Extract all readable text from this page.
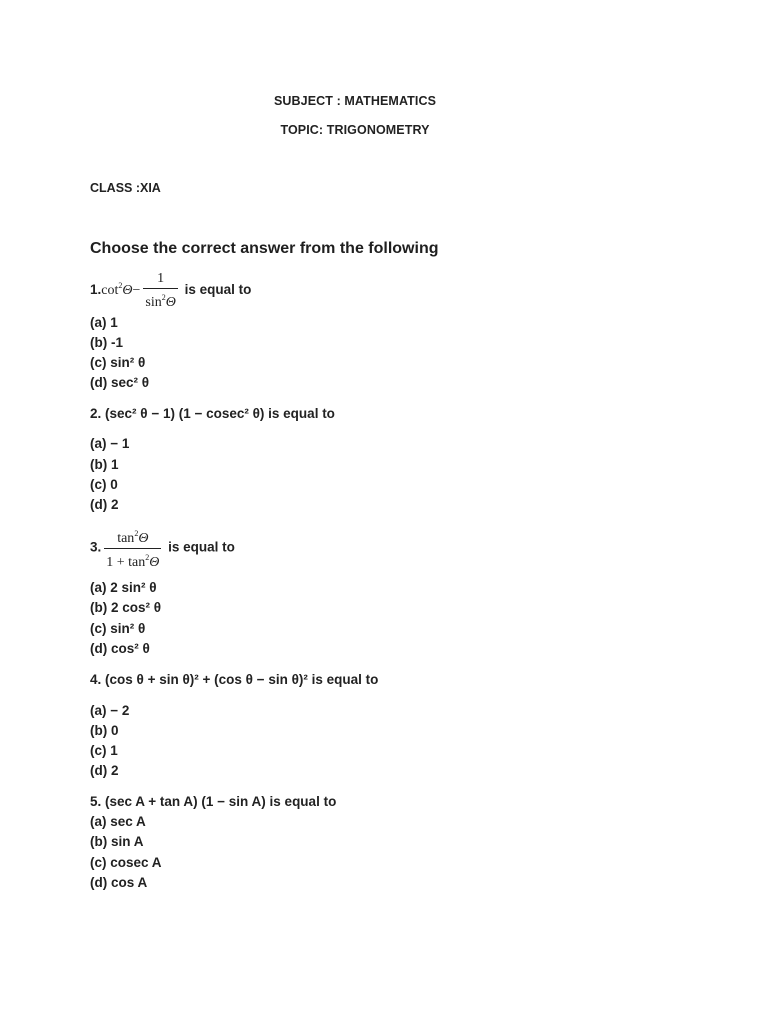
SUBJECT : MATHEMATICS
TOPIC: TRIGONOMETRY
CLASS :XIA
Choose the correct answer from the following
$1.\cot^2\Theta- \frac{1}{\sin^2\Theta}$ is equal to
(a) 1
(b) -1
(c) sin² θ
(d) sec² θ
2. (sec² θ − 1) (1 − cosec² θ) is equal to
(a) − 1
(b) 1
(c) 0
(d) 2
3. $\frac{\tan^2\Theta}{1 + \tan^2\Theta}$ is equal to
(a) 2 sin² θ
(b) 2 cos² θ
(c) sin² θ
(d) cos² θ
4. (cos θ + sin θ)² + (cos θ − sin θ)² is equal to
(a) − 2
(b) 0
(c) 1
(d) 2
5. (sec A + tan A) (1 − sin A) is equal to
(a) sec A
(b) sin A
(c) cosec A
(d) cos A
